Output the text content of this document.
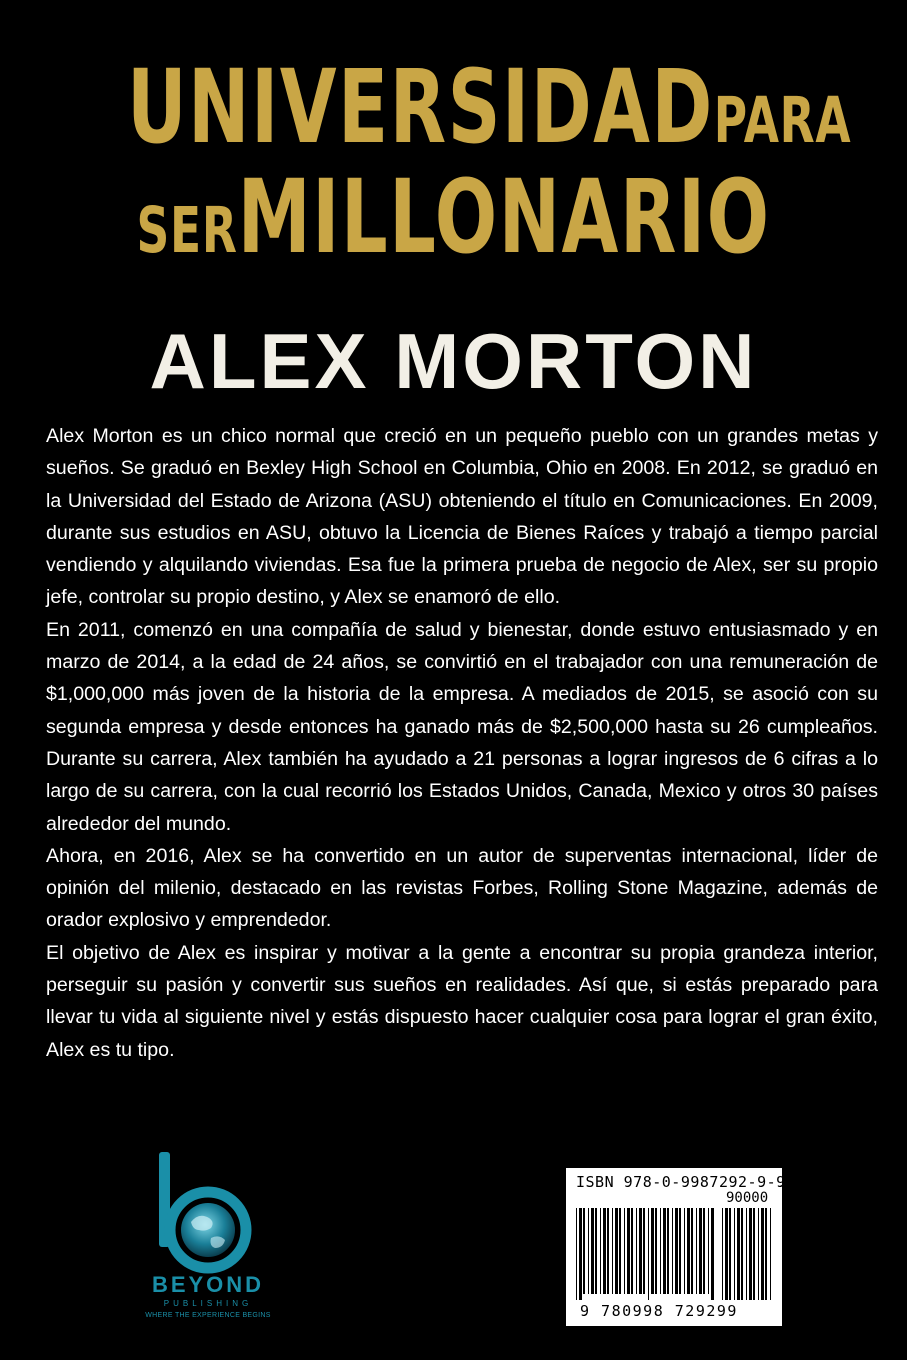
UNIVERSIDADPARA
SERMILLONARIO
ALEX MORTON

Alex Morton es un chico normal que creció en un pequeño pueblo con un grandes metas y sueños. Se graduó en Bexley High School en Columbia, Ohio en 2008. En 2012, se graduó en la Universidad del Estado de Arizona (ASU) obteniendo el título en Comunicaciones. En 2009, durante sus estudios en ASU, obtuvo la Licencia de Bienes Raíces y trabajó a tiempo parcial vendiendo y alquilando viviendas. Esa fue la primera prueba de negocio de Alex, ser su propio jefe, controlar su propio destino, y Alex se enamoró de ello.

En 2011, comenzó en una compañía de salud y bienestar, donde estuvo entusiasmado y en marzo de 2014, a la edad de 24 años, se convirtió en el trabajador con una remuneración de $1,000,000 más joven de la historia de la empresa. A mediados de 2015, se asoció con su segunda empresa y desde entonces ha ganado más de $2,500,000 hasta su 26 cumpleaños. Durante su carrera, Alex también ha ayudado a 21 personas a lograr ingresos de 6 cifras a lo largo de su carrera, con la cual recorrió los Estados Unidos, Canada, Mexico y otros 30 países alrededor del mundo.

Ahora, en 2016, Alex se ha convertido en un autor de superventas internacional, líder de opinión del milenio, destacado en las revistas Forbes, Rolling Stone Magazine, además de orador explosivo y emprendedor.

El objetivo de Alex es inspirar y motivar a la gente a encontrar su propia grandeza interior, perseguir su pasión y convertir sus sueños en realidades. Así que, si estás preparado para llevar tu vida al siguiente nivel y estás dispuesto hacer cualquier cosa para lograr el gran éxito, Alex es tu tipo.

BEYOND
PUBLISHING
WHERE THE EXPERIENCE BEGINS
ISBN 978-0-9987292-9-9
90000
9 780998 729299
